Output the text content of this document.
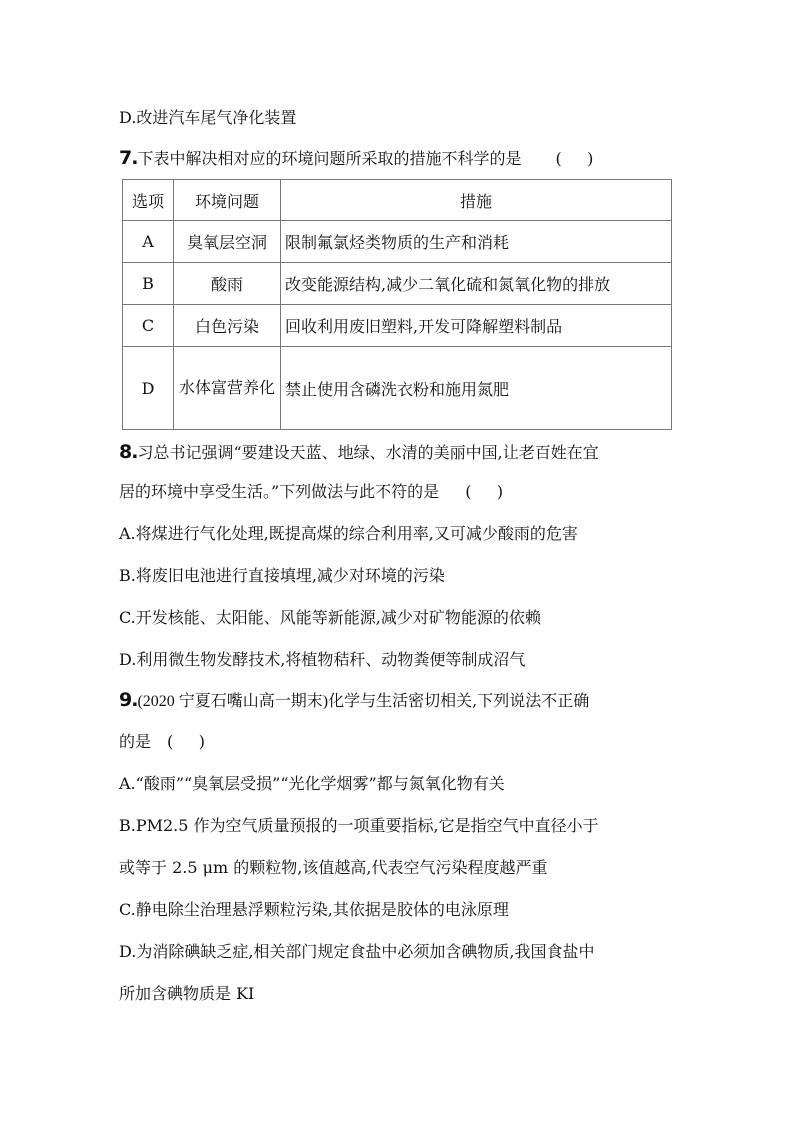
D.改进汽车尾气净化装置
7.下表中解决相对应的环境问题所采取的措施不科学的是 (     )
选项	环境问题	措施
A	臭氧层空洞	限制氟氯烃类物质的生产和消耗
B	酸雨	改变能源结构,减少二氧化硫和氮氧化物的排放
C	白色污染	回收利用废旧塑料,开发可降解塑料制品
D	水体富营养化	禁止使用含磷洗衣粉和施用氮肥
8.习总书记强调“要建设天蓝、地绿、水清的美丽中国,让老百姓在宜
居的环境中享受生活。”下列做法与此不符的是 (     )
A.将煤进行气化处理,既提高煤的综合利用率,又可减少酸雨的危害
B.将废旧电池进行直接填埋,减少对环境的污染
C.开发核能、太阳能、风能等新能源,减少对矿物能源的依赖
D.利用微生物发酵技术,将植物秸秆、动物粪便等制成沼气
9.(2020 宁夏石嘴山高一期末)化学与生活密切相关,下列说法不正确
的是 (     )
A.“酸雨”“臭氧层受损”“光化学烟雾”都与氮氧化物有关
B.PM2.5 作为空气质量预报的一项重要指标,它是指空气中直径小于
或等于 2.5 μm 的颗粒物,该值越高,代表空气污染程度越严重
C.静电除尘治理悬浮颗粒污染,其依据是胶体的电泳原理
D.为消除碘缺乏症,相关部门规定食盐中必须加含碘物质,我国食盐中
所加含碘物质是 KI
